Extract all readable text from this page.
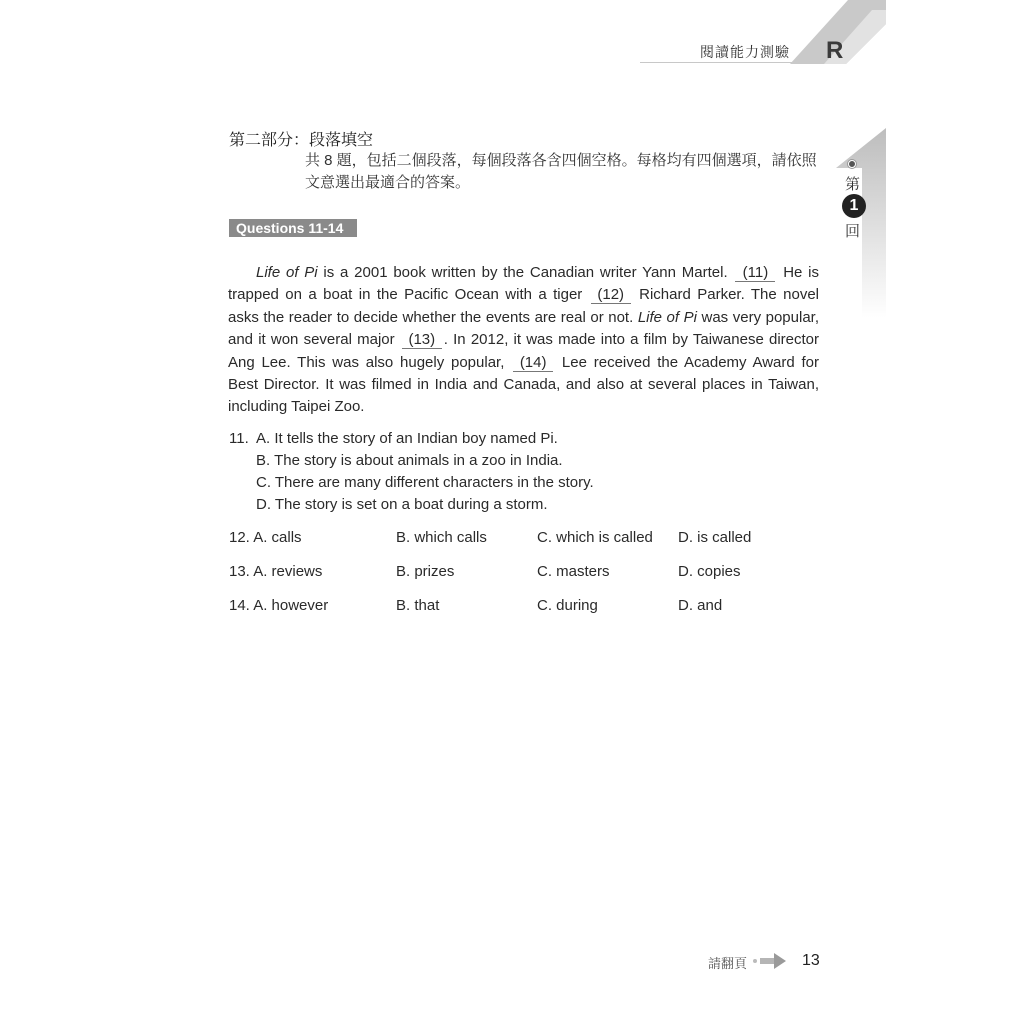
閱讀能力測驗 R
第
1
回
第二部分：段落填空
共 8 題，包括二個段落，每個段落各含四個空格。每格均有四個選項，請依照文意選出最適合的答案。
Questions 11-14
Life of Pi is a 2001 book written by the Canadian writer Yann Martel. (11) He is trapped on a boat in the Pacific Ocean with a tiger (12) Richard Parker. The novel asks the reader to decide whether the events are real or not. Life of Pi was very popular, and it won several major (13) . In 2012, it was made into a film by Taiwanese director Ang Lee. This was also hugely popular, (14) Lee received the Academy Award for Best Director. It was filmed in India and Canada, and also at several places in Taiwan, including Taipei Zoo.
11. A. It tells the story of an Indian boy named Pi.
B. The story is about animals in a zoo in India.
C. There are many different characters in the story.
D. The story is set on a boat during a storm.
12. A. calls	B. which calls	C. which is called D. is called
13. A. reviews	B. prizes	C. masters	D. copies
14. A. however	B. that	C. during	D. and
請翻頁	13
